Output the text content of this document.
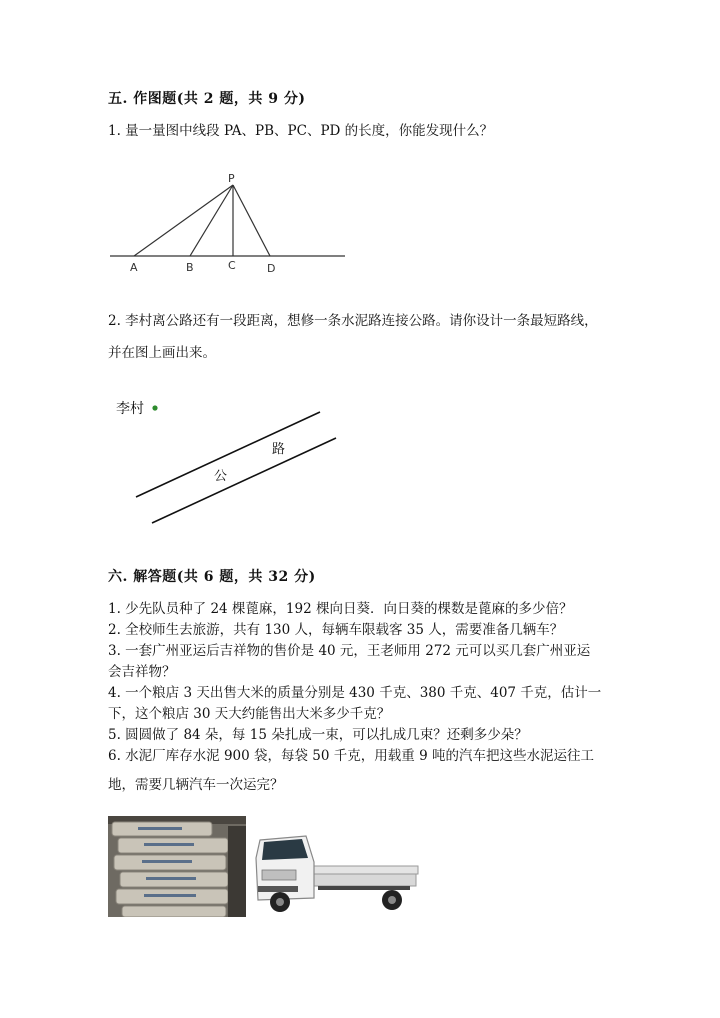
五. 作图题(共 2 题，共 9 分)
1. 量一量图中线段 PA、PB、PC、PD 的长度，你能发现什么？
P
A	B	C	D
2. 李村离公路还有一段距离，想修一条水泥路连接公路。请你设计一条最短路线，
并在图上画出来。
李村
公
路
六. 解答题(共 6 题，共 32 分)
1. 少先队员种了 24 棵蓖麻，192 棵向日葵．向日葵的棵数是蓖麻的多少倍？
2. 全校师生去旅游，共有 130 人，每辆车限载客 35 人，需要准备几辆车？
3. 一套广州亚运后吉祥物的售价是 40 元，王老师用 272 元可以买几套广州亚运
会吉祥物？
4. 一个粮店 3 天出售大米的质量分别是 430 千克、380 千克、407 千克，估计一
下，这个粮店 30 天大约能售出大米多少千克？
5. 圆圆做了 84 朵，每 15 朵扎成一束，可以扎成几束？还剩多少朵？
6. 水泥厂库存水泥 900 袋，每袋 50 千克，用载重 9 吨的汽车把这些水泥运往工
地，需要几辆汽车一次运完？
